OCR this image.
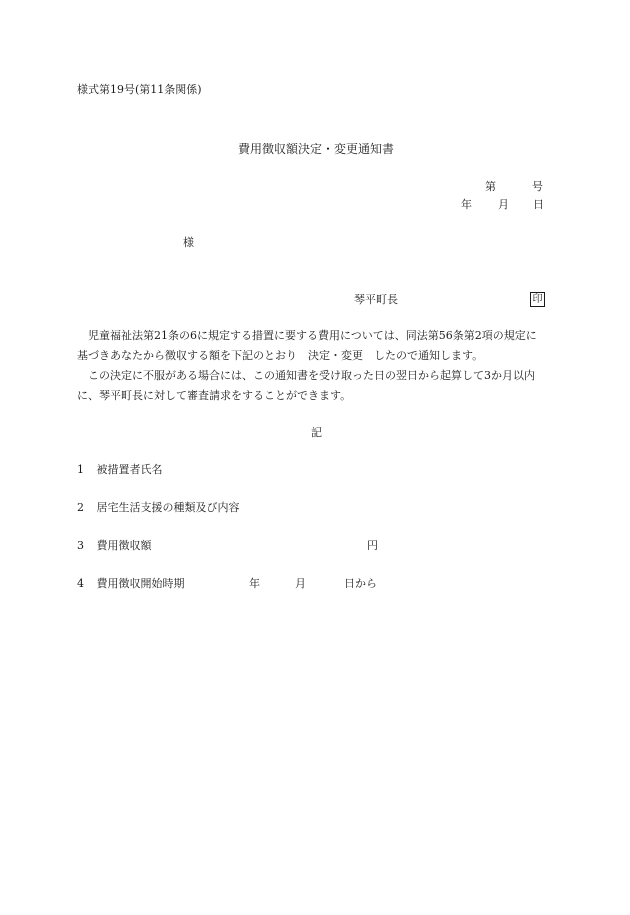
様式第19号(第11条関係)
費用徴収額決定・変更通知書
第	号
年 月 日
様
琴平町長	印
児童福祉法第21条の6に規定する措置に要する費用については、同法第56条第2項の規定に基づきあなたから徴収する額を下記のとおり　決定・変更　したので通知します。
この決定に不服がある場合には、この通知書を受け取った日の翌日から起算して3か月以内に、琴平町長に対して審査請求をすることができます。
記
1 被措置者氏名
2 居宅生活支援の種類及び内容
3 費用徴収額	円
4 費用徴収開始時期	年	月	日から
